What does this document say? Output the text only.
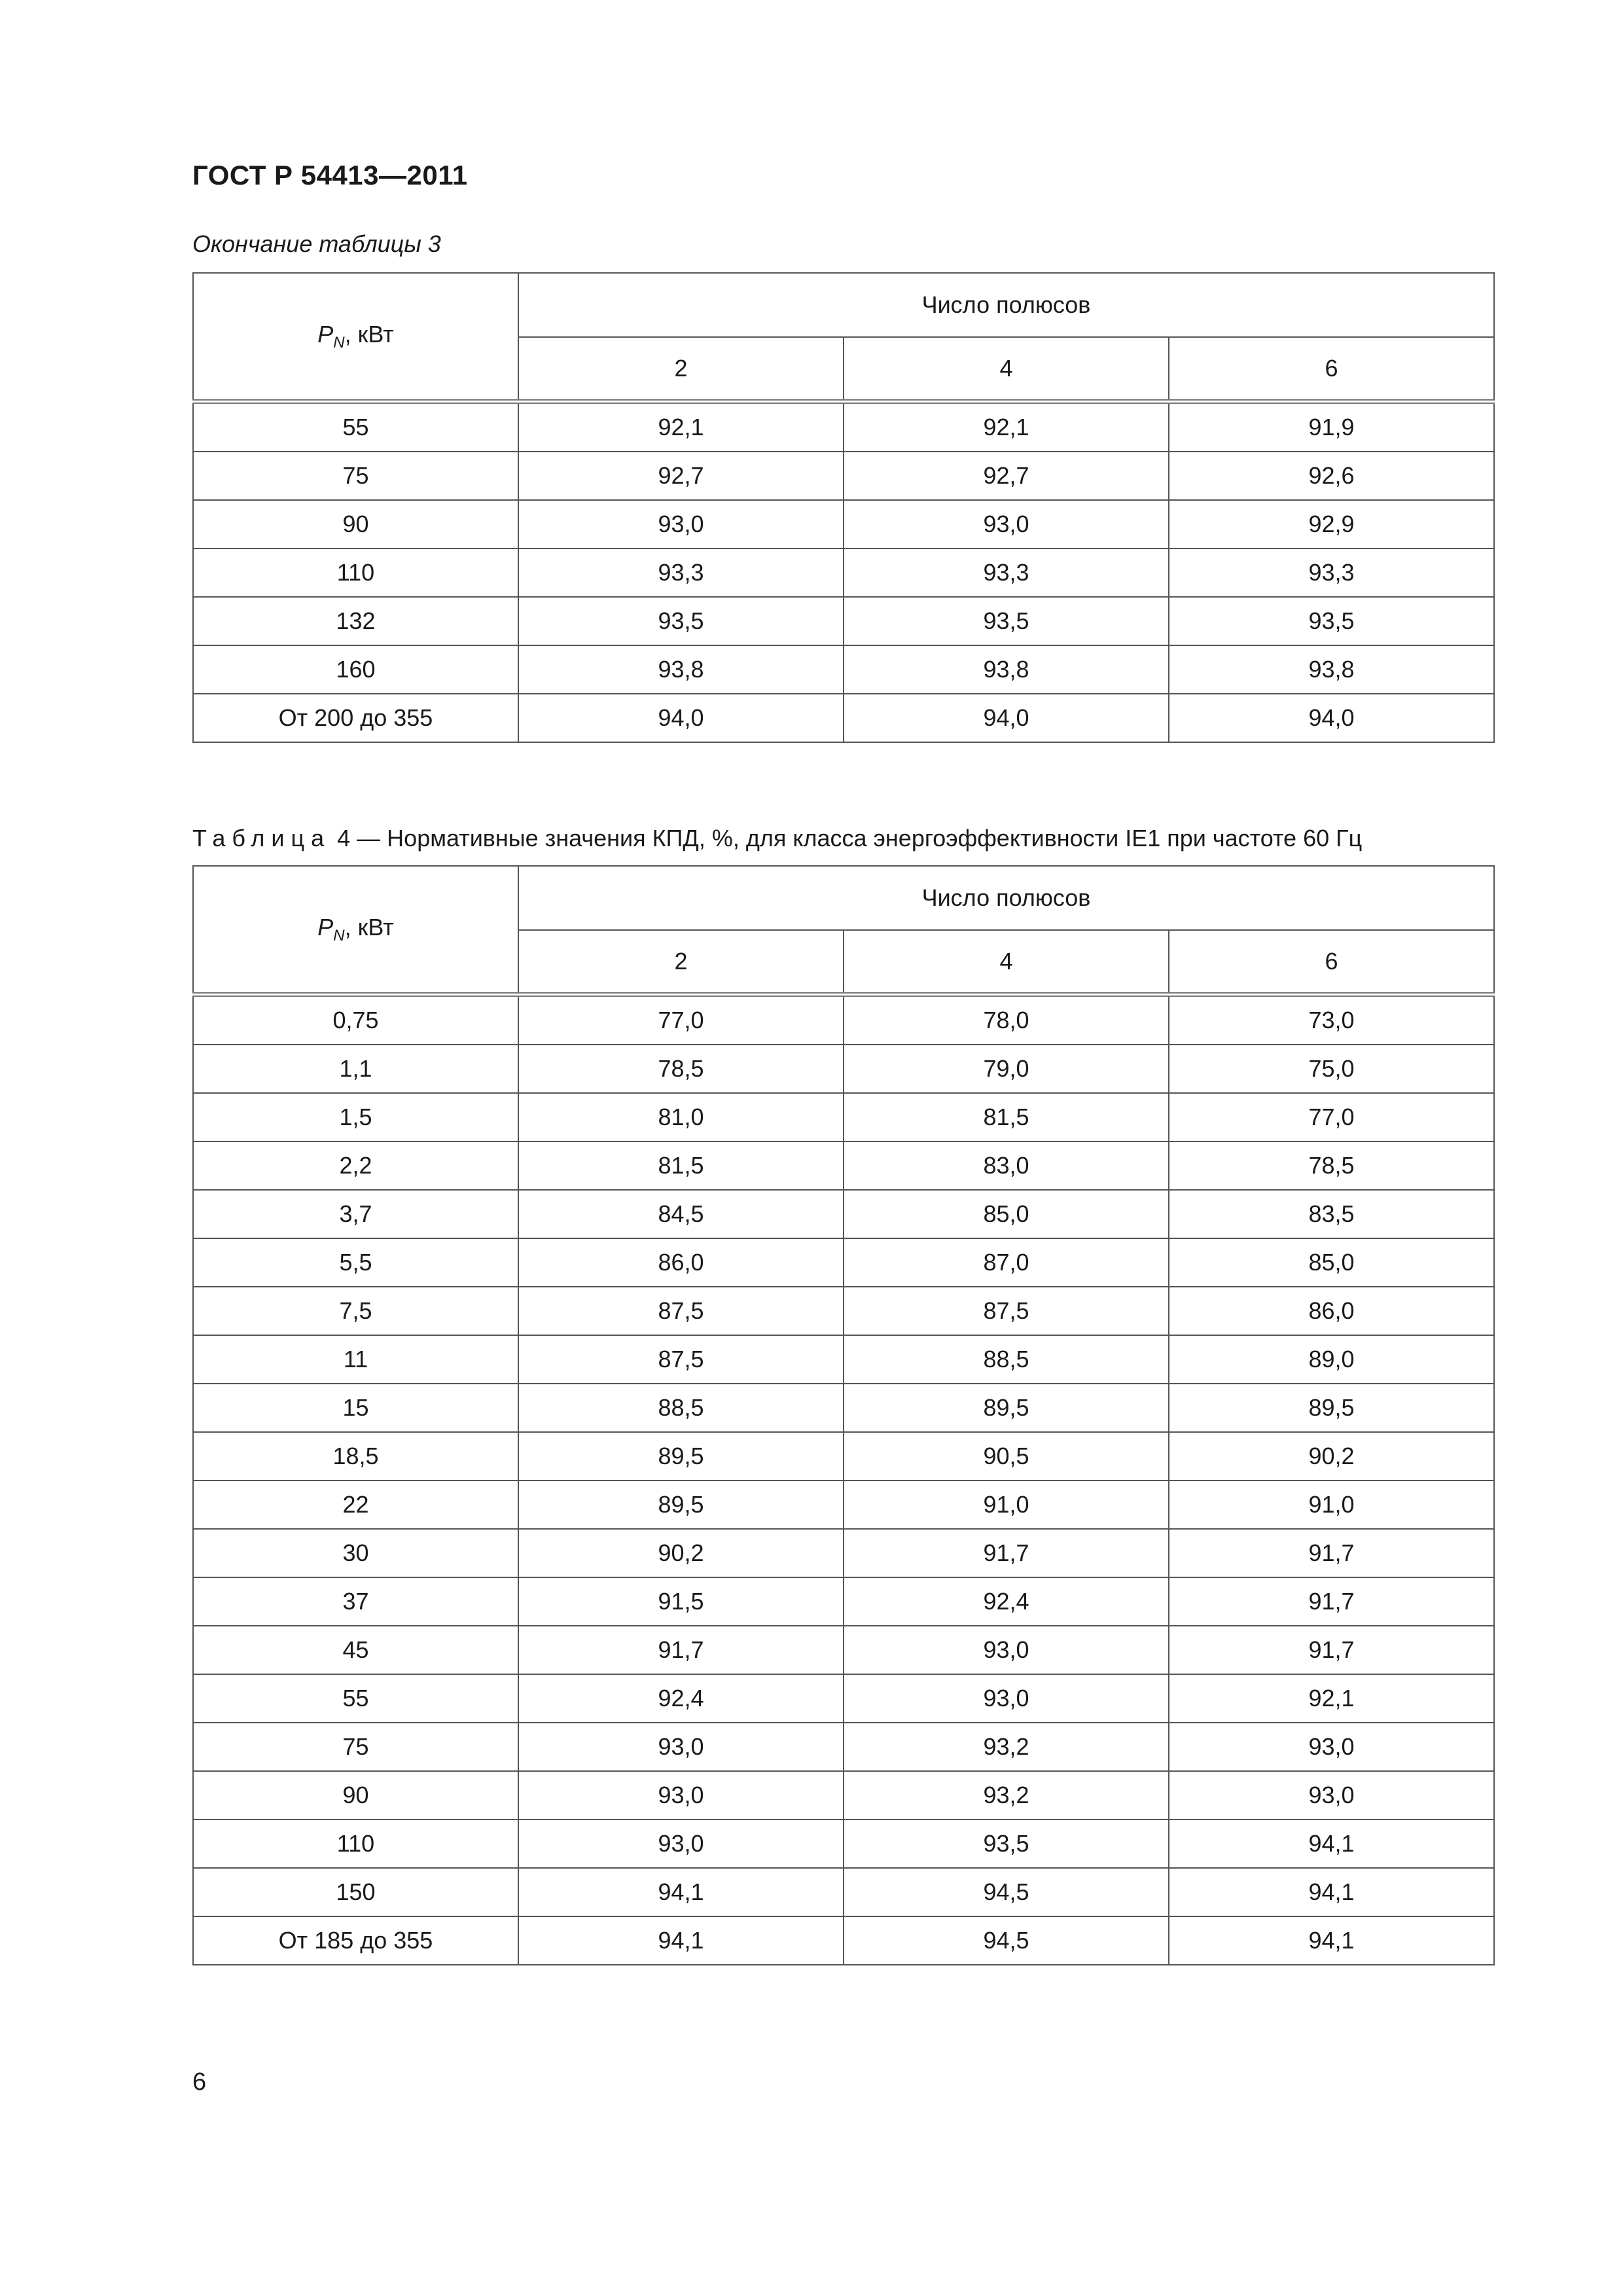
ГОСТ Р 54413—2011
Окончание таблицы 3
$P_N$, кВт	Число полюсов		
	2	4	6
55	92,1	92,1	91,9
75	92,7	92,7	92,6
90	93,0	93,0	92,9
110	93,3	93,3	93,3
132	93,5	93,5	93,5
160	93,8	93,8	93,8
От 200 до 355	94,0	94,0	94,0
Таблица 4 — Нормативные значения КПД, %, для класса энергоэффективности IE1 при частоте 60 Гц
$P_N$, кВт	Число полюсов		
	2	4	6
0,75	77,0	78,0	73,0
1,1	78,5	79,0	75,0
1,5	81,0	81,5	77,0
2,2	81,5	83,0	78,5
3,7	84,5	85,0	83,5
5,5	86,0	87,0	85,0
7,5	87,5	87,5	86,0
11	87,5	88,5	89,0
15	88,5	89,5	89,5
18,5	89,5	90,5	90,2
22	89,5	91,0	91,0
30	90,2	91,7	91,7
37	91,5	92,4	91,7
45	91,7	93,0	91,7
55	92,4	93,0	92,1
75	93,0	93,2	93,0
90	93,0	93,2	93,0
110	93,0	93,5	94,1
150	94,1	94,5	94,1
От 185 до 355	94,1	94,5	94,1
6
